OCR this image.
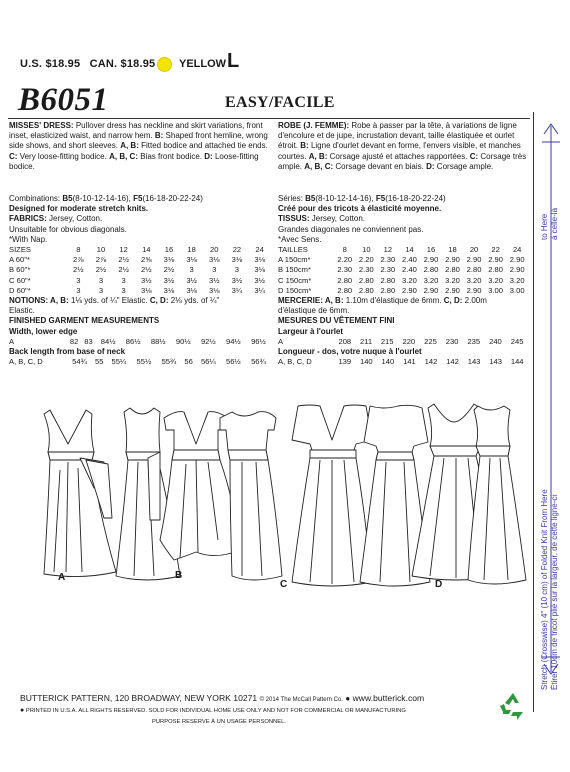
U.S. $18.95 CAN. $18.95	YELLOW L
B6051	EASY/FACILE

MISSES' DRESS: Pullover dress has neckline and skirt variations, front inset, elasticized waist, and narrow hem. B: Shaped front hemline, wrong side shows, and short sleeves. A, B: Fitted bodice and attached tie ends. C: Very loose-fitting bodice. A, B, C: Bias front bodice. D: Loose-fitting bodice.

Combinations: B5(8-10-12-14-16), F5(16-18-20-22-24)

Designed for moderate stretch knits.

FABRICS: Jersey, Cotton.

Unsuitable for obvious diagonals.

*With Nap.

SIZES	8	10	12	14	16	18	20	22	24
A 60"*	2⅞	2⅞	2½	2⅝	3⅛	3⅛	3⅛	3⅛	3⅛
B 60"*	2½	2½	2½	2½	2½	3	3	3	3⅛
C 60"*	3	3	3	3½	3½	3½	3½	3½	3½
D 60"*	3	3	3	3⅛	3⅛	3⅛	3⅛	3¼	3¼

NOTIONS: A, B: 1⅛ yds. of ¼" Elastic. C, D: 2⅛ yds. of ¼"

Elastic.

FINISHED GARMENT MEASUREMENTS

Width, lower edge

A	82	83	84½	86½	88½	90½	92½	94½	96½

Back length from base of neck

A, B, C, D	54¾	55	55¼	55½	55¾	56	56¼	56½	56¾

ROBE (J. FEMME): Robe à passer par la tête, à variations de ligne d'encolure et de jupe, incrustation devant, taille élastiquée et ourlet étroit. B: Ligne d'ourlet devant en forme, l'envers visible, et manches courtes. A, B: Corsage ajusté et attaches rapportées. C: Corsage très ample. A, B, C: Corsage devant en biais. D: Corsage ample.

Séries: B5(8-10-12-14-16), F5(16-18-20-22-24)

Créé pour des tricots à élasticité moyenne.

TISSUS: Jersey, Cotton.

Grandes diagonales ne conviennent pas.

*Avec Sens.

TAILLES	8	10	12	14	16	18	20	22	24
A 150cm*	2.20	2.20	2.30	2.40	2.90	2.90	2.90	2.90	2.90
B 150cm*	2.30	2.30	2.30	2.40	2.80	2.80	2.80	2.80	2.90
C 150cm*	2.80	2.80	2.80	3.20	3.20	3.20	3.20	3.20	3.20
D 150cm*	2.80	2.80	2.80	2.90	2.90	2.90	2.90	3.00	3.00

MERCERIE: A, B: 1.10m d'élastique de 6mm. C, D: 2.00m

d'élastique de 6mm.

MESURES DU VÊTEMENT FINI

Largeur à l'ourlet

A	208	211	215	220	225	230	235	240	245

Longueur - dos, votre nuque à l'ourlet

A, B, C, D	139	140	140	141	142	142	143	143	144
A	B
C	D
to Here à celle-là
Stretch (Crosswise) 4" (10 cm) of Folded Knit From Here Étirer 10cm de tricot plié sur la largeur, de cette ligne-ci
BUTTERICK PATTERN, 120 BROADWAY, NEW YORK 10271 © 2014 The McCall Pattern Co. ● www.butterick.com
● PRINTED IN U.S.A. ALL RIGHTS RESERVED. SOLD FOR INDIVIDUAL HOME USE ONLY AND NOT FOR COMMERCIAL OR MANUFACTURING
PURPOSE RESERVE À UN USAGE PERSONNEL.
